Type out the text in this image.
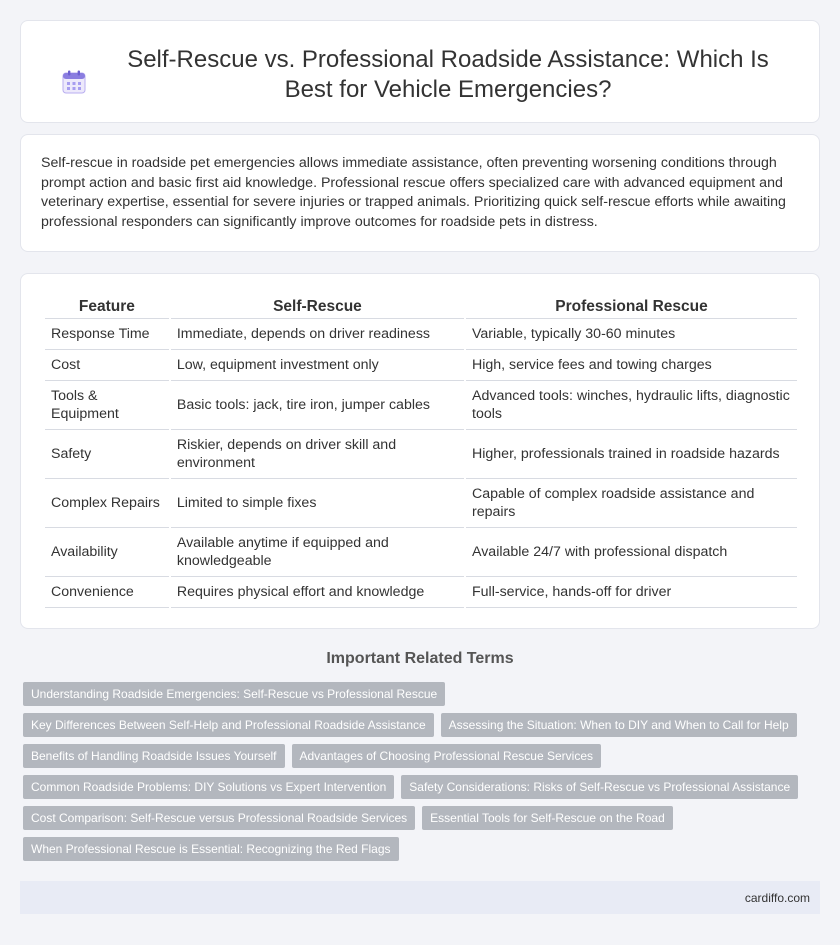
Self-Rescue vs. Professional Roadside Assistance: Which Is Best for Vehicle Emergencies?

Self-rescue in roadside pet emergencies allows immediate assistance, often preventing worsening conditions through prompt action and basic first aid knowledge. Professional rescue offers specialized care with advanced equipment and veterinary expertise, essential for severe injuries or trapped animals. Prioritizing quick self-rescue efforts while awaiting professional responders can significantly improve outcomes for roadside pets in distress.

Feature	Self-Rescue	Professional Rescue
Response Time	Immediate, depends on driver readiness	Variable, typically 30-60 minutes
Cost	Low, equipment investment only	High, service fees and towing charges
Tools & Equipment	Basic tools: jack, tire iron, jumper cables	Advanced tools: winches, hydraulic lifts, diagnostic tools
Safety	Riskier, depends on driver skill and environment	Higher, professionals trained in roadside hazards
Complex Repairs	Limited to simple fixes	Capable of complex roadside assistance and repairs
Availability	Available anytime if equipped and knowledgeable	Available 24/7 with professional dispatch
Convenience	Requires physical effort and knowledge	Full-service, hands-off for driver
Important Related Terms
Understanding Roadside Emergencies: Self-Rescue vs Professional Rescue
Key Differences Between Self-Help and Professional Roadside Assistance	Assessing the Situation: When to DIY and When to Call for Help
Benefits of Handling Roadside Issues Yourself	Advantages of Choosing Professional Rescue Services
Common Roadside Problems: DIY Solutions vs Expert Intervention	Safety Considerations: Risks of Self-Rescue vs Professional Assistance
Cost Comparison: Self-Rescue versus Professional Roadside Services	Essential Tools for Self-Rescue on the Road
When Professional Rescue is Essential: Recognizing the Red Flags
cardiffo.com
